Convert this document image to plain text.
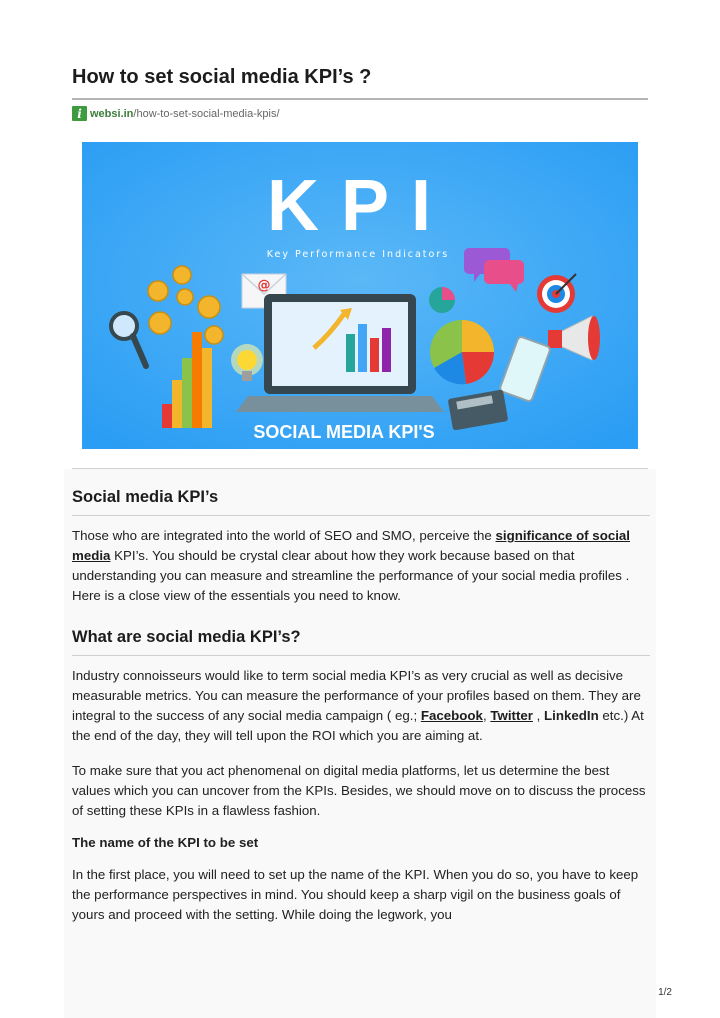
How to set social media KPI’s ?
i websi.in /how-to-set-social-media-kpis/
KPI
Key Performance Indicators
@
SOCIAL MEDIA KPI'S
Social media KPI’s

Those who are integrated into the world of SEO and SMO, perceive the significance of social media KPI’s. You should be crystal clear about how they work because based on that understanding you can measure and streamline the performance of your social media profiles . Here is a close view of the essentials you need to know.

What are social media KPI’s?

Industry connoisseurs would like to term social media KPI’s as very crucial as well as decisive measurable metrics. You can measure the performance of your profiles based on them. They are integral to the success of any social media campaign ( eg.; Facebook, Twitter , LinkedIn etc.) At the end of the day, they will tell upon the ROI which you are aiming at.

To make sure that you act phenomenal on digital media platforms, let us determine the best values which you can uncover from the KPIs. Besides, we should move on to discuss the process of setting these KPIs in a flawless fashion.

The name of the KPI to be set

In the first place, you will need to set up the name of the KPI. When you do so, you have to keep the performance perspectives in mind. You should keep a sharp vigil on the business goals of yours and proceed with the setting. While doing the legwork, you

1/2
